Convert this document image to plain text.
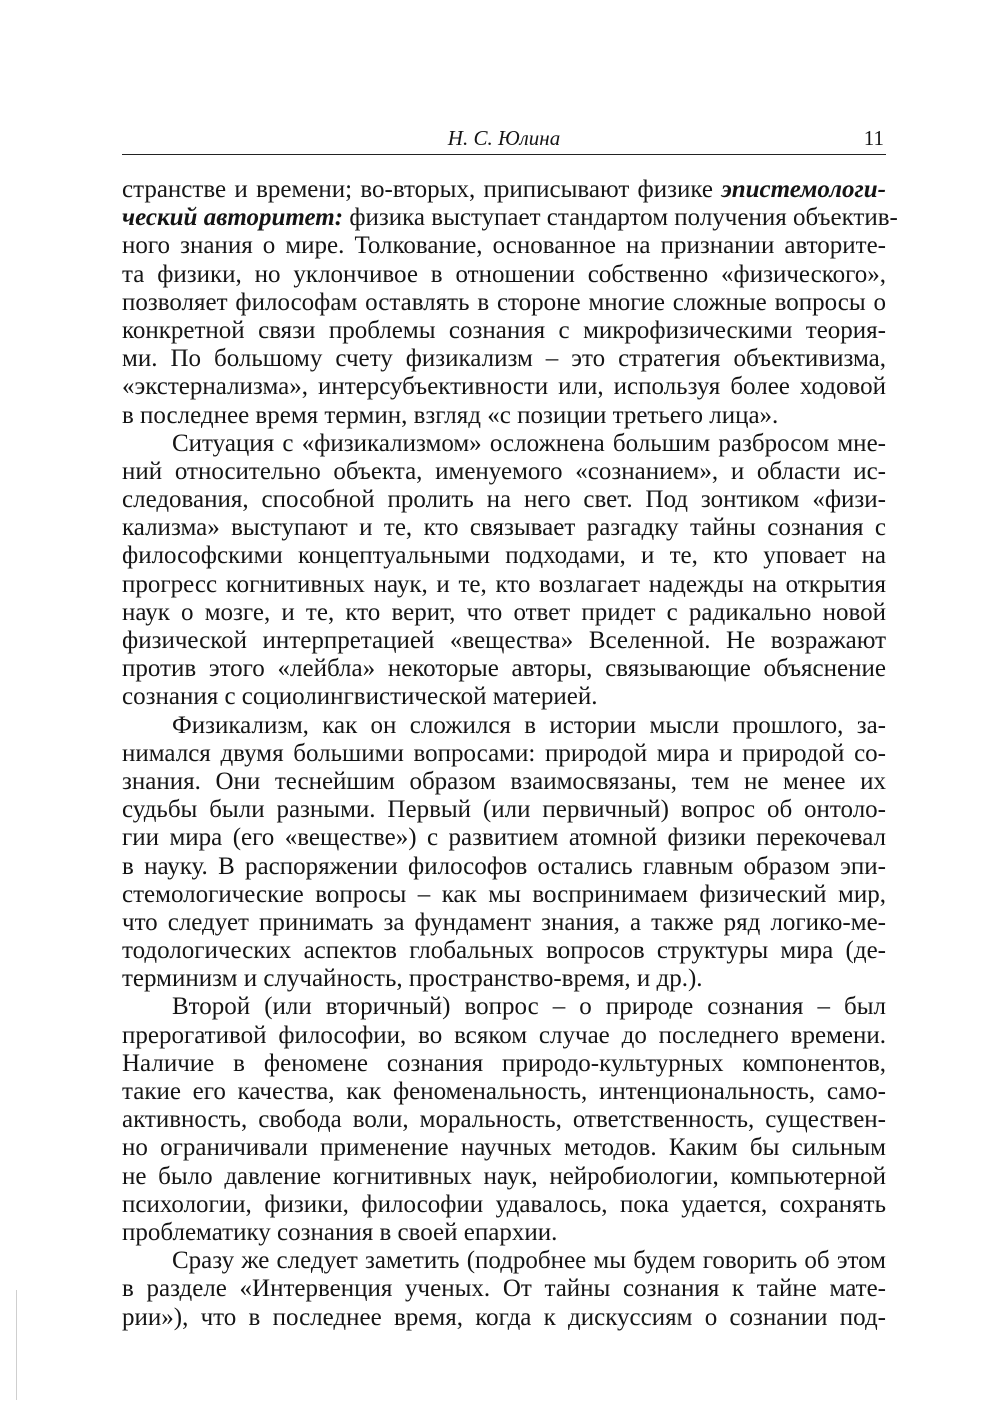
Н. С. Юлина	11
странстве и времени; во-вторых, приписывают физике эпистемологи-
ческий авторитет: физика выступает стандартом получения объектив-
ного знания о мире. Толкование, основанное на признании авторите-
та физики, но уклончивое в отношении собственно «физического»,
позволяет философам оставлять в стороне многие сложные вопросы о
конкретной связи проблемы сознания с микрофизическими теория-
ми. По большому счету физикализм – это стратегия объективизма,
«экстернализма», интерсубъективности или, используя более ходовой
в последнее время термин, взгляд «с позиции третьего лица».
Ситуация с «физикализмом» осложнена большим разбросом мне-
ний относительно объекта, именуемого «сознанием», и области ис-
следования, способной пролить на него свет. Под зонтиком «физи-
кализма» выступают и те, кто связывает разгадку тайны сознания с
философскими концептуальными подходами, и те, кто уповает на
прогресс когнитивных наук, и те, кто возлагает надежды на открытия
наук о мозге, и те, кто верит, что ответ придет с радикально новой
физической интерпретацией «вещества» Вселенной. Не возражают
против этого «лейбла» некоторые авторы, связывающие объяснение
сознания с социолингвистической материей.
Физикализм, как он сложился в истории мысли прошлого, за-
нимался двумя большими вопросами: природой мира и природой со-
знания. Они теснейшим образом взаимосвязаны, тем не менее их
судьбы были разными. Первый (или первичный) вопрос об онтоло-
гии мира (его «веществе») с развитием атомной физики перекочевал
в науку. В распоряжении философов остались главным образом эпи-
стемологические вопросы – как мы воспринимаем физический мир,
что следует принимать за фундамент знания, а также ряд логико-ме-
тодологических аспектов глобальных вопросов структуры мира (де-
терминизм и случайность, пространство-время, и др.).
Второй (или вторичный) вопрос – о природе сознания – был
прерогативой философии, во всяком случае до последнего времени.
Наличие в феномене сознания природо-культурных компонентов,
такие его качества, как феноменальность, интенциональность, само-
активность, свобода воли, моральность, ответственность, существен-
но ограничивали применение научных методов. Каким бы сильным
не было давление когнитивных наук, нейробиологии, компьютерной
психологии, физики, философии удавалось, пока удается, сохранять
проблематику сознания в своей епархии.
Сразу же следует заметить (подробнее мы будем говорить об этом
в разделе «Интервенция ученых. От тайны сознания к тайне мате-
рии»), что в последнее время, когда к дискуссиям о сознании под-
